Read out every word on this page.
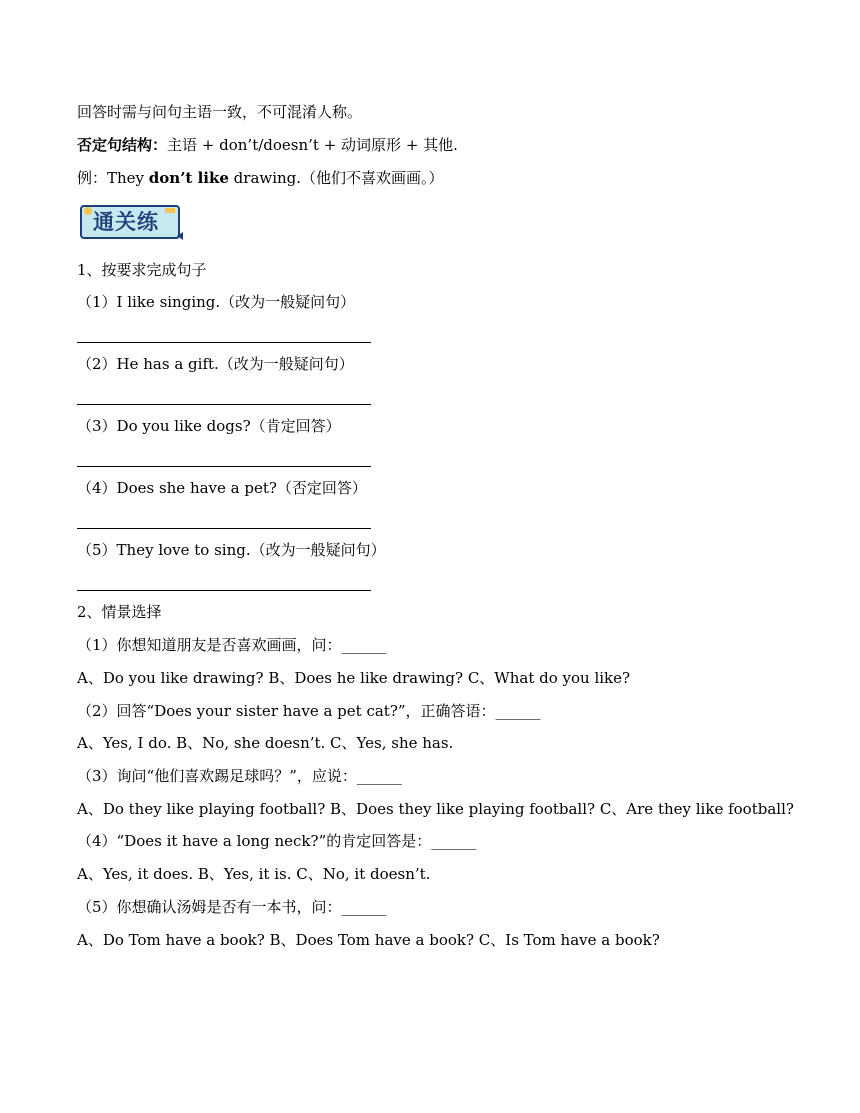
回答时需与问句主语一致，不可混淆人称。
否定句结构：主语 + don’t/doesn’t + 动词原形 + 其他.
例：They don’t like drawing.（他们不喜欢画画。）
通关练
1、按要求完成句子
（1）I like singing.（改为一般疑问句）
（2）He has a gift.（改为一般疑问句）
（3）Do you like dogs?（肯定回答）
（4）Does she have a pet?（否定回答）
（5）They love to sing.（改为一般疑问句）
2、情景选择
（1）你想知道朋友是否喜欢画画，问：______
A、Do you like drawing? B、Does he like drawing? C、What do you like?
（2）回答“Does your sister have a pet cat?”，正确答语：______
A、Yes, I do. B、No, she doesn’t. C、Yes, she has.
（3）询问“他们喜欢踢足球吗？”，应说：______
A、Do they like playing football? B、Does they like playing football? C、Are they like football?
（4）“Does it have a long neck?”的肯定回答是：______
A、Yes, it does. B、Yes, it is. C、No, it doesn’t.
（5）你想确认汤姆是否有一本书，问：______
A、Do Tom have a book? B、Does Tom have a book? C、Is Tom have a book?
